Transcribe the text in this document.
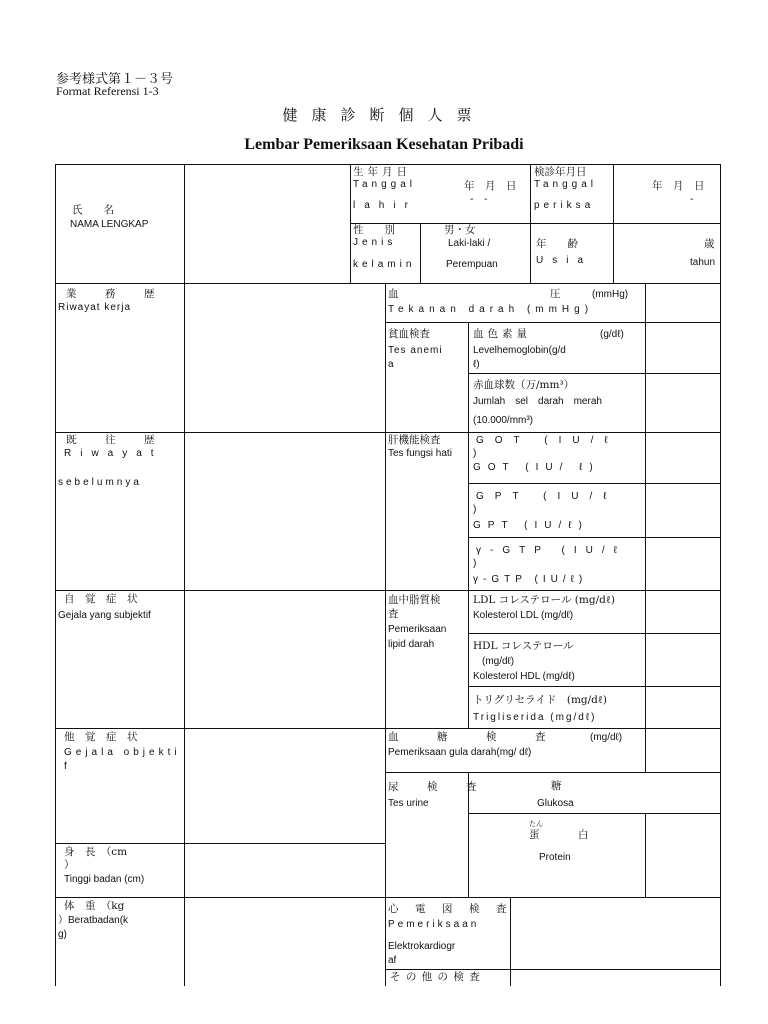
参考様式第１－３号
Format Referensi 1-3
健康診断個人票
Lembar Pemeriksaan Kesehatan Pribadi
氏　　名
NAMA LENGKAP
生年月日
Tanggal
lahir
年　月　日
-　-
検診年月日
Tanggal
periksa
年　月　日
-
性　　別
Jenis
kelamin
男・女
Laki-laki /
Perempuan
年　　齢
Usia
歳
tahun
業　務　歴
Riwayat kerja
既　往　歴
Riwayat
sebelumnya
自　覚　症　状
Gejala yang subjektif
他　覚　症　状
Gejala objekti
f
身　長　（cm
）
Tinggi badan (cm)
体　重　（kg
）Beratbadan(k
g)
血　　　圧 (mmHg)
Tekanan darah (mmHg)
貧血検査
Tes anemi
a
血色素量	(g/dℓ)
Levelhemoglobin(g/d
ℓ)
赤血球数（万/mm³）
Jumlah　sel　darah　merah
(10.000/mm³)
肝機能検査
Tes fungsi hati
GOT (IU/ℓ
)
GOT (IU/ ℓ)
GPT (IU/ℓ
)
GPT (IU/ℓ)
γ-GTP (IU/ℓ
)
γ-GTP (IU/ℓ)
血中脂質検
査
Pemeriksaan
lipid darah
LDL コレステロール (mg/dℓ)
Kolesterol LDL (mg/dℓ)
HDL コレステロール
(mg/dℓ)
Kolesterol HDL (mg/dℓ)
トリグリセライド　(mg/dℓ)
Trigliserida (mg/dℓ)
血　糖　検　査	(mg/dℓ)
Pemeriksaan gula darah(mg/ dℓ)
尿　検　査
Tes urine
糖
Glukosa
たん
蛋　白
Protein
心　電　図　検　査
Pemeriksaan
Elektrokardiogr
af
そ の 他 の 検 査
